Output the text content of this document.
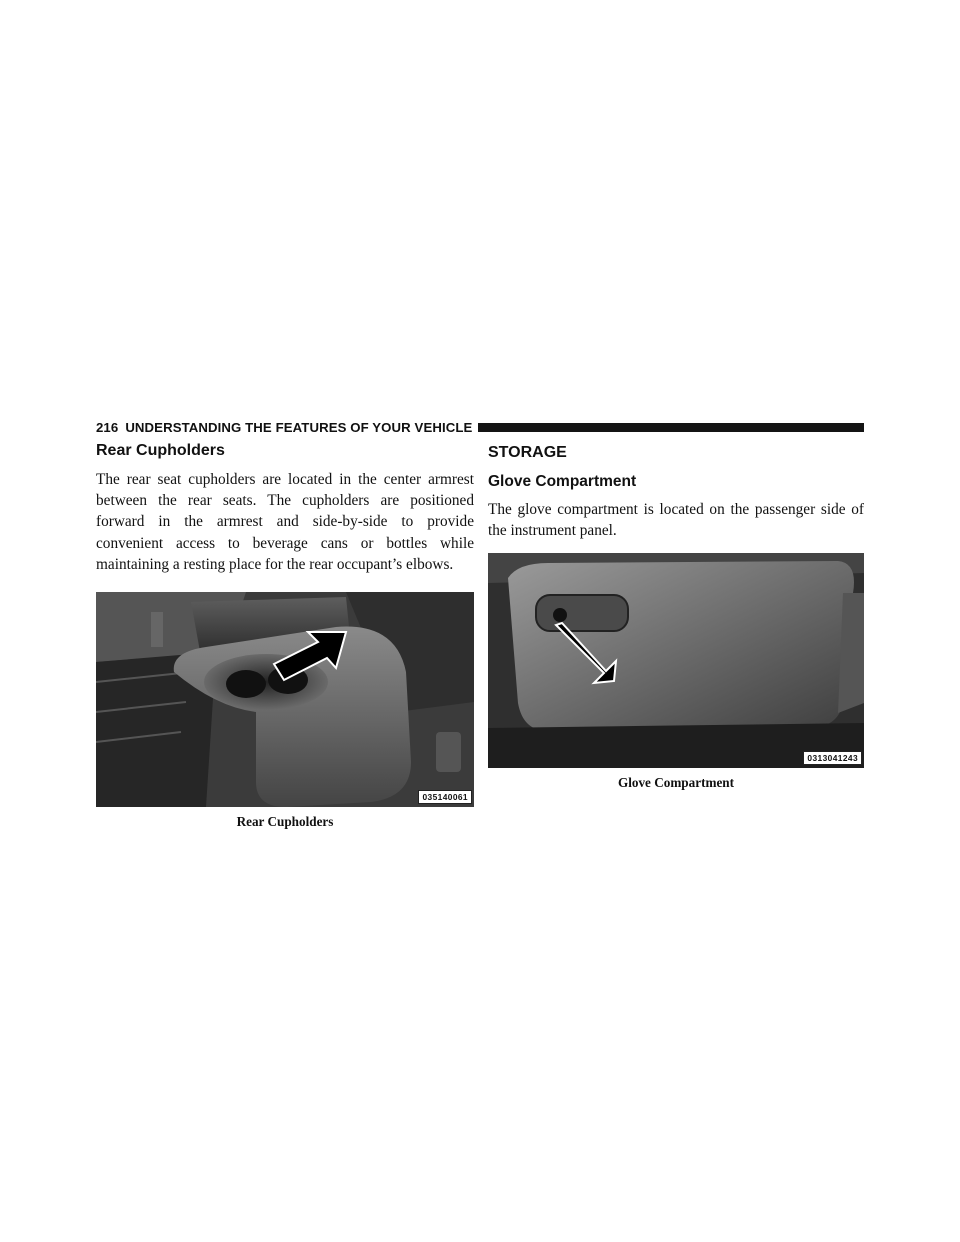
216 UNDERSTANDING THE FEATURES OF YOUR VEHICLE
Rear Cupholders

The rear seat cupholders are located in the center armrest between the rear seats. The cupholders are positioned forward in the armrest and side-by-side to provide convenient access to beverage cans or bottles while maintaining a resting place for the rear occupant’s elbows.

035140061

Rear Cupholders

STORAGE
Glove Compartment

The glove compartment is located on the passenger side of the instrument panel.

0313041243

Glove Compartment
